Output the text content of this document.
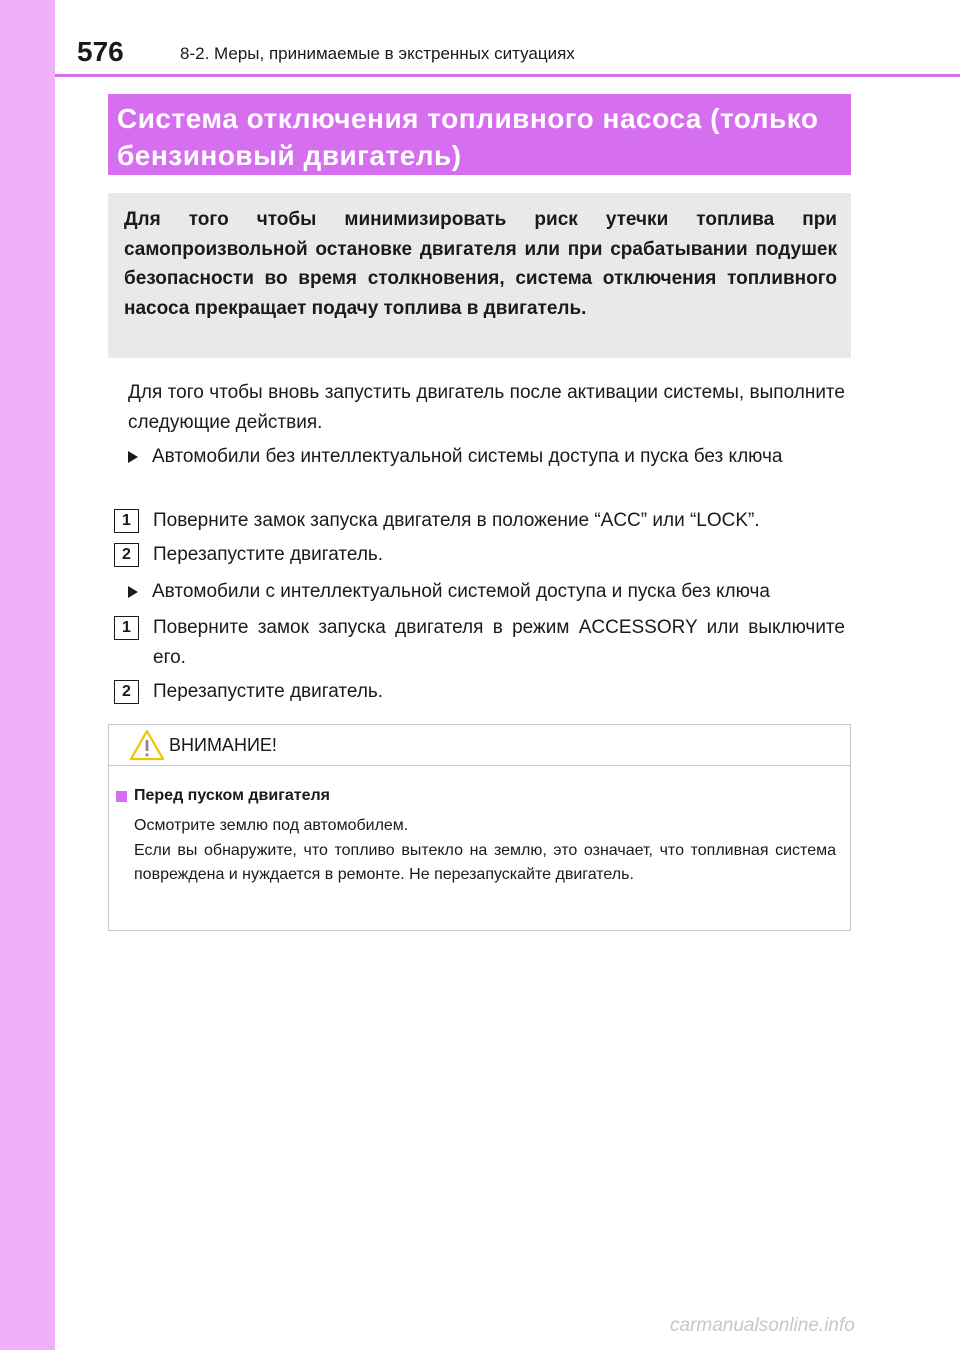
576	8-2. Меры, принимаемые в экстренных ситуациях
Система отключения топливного насоса (только
бензиновый двигатель)
Для того чтобы минимизировать риск утечки топлива при самопроизвольной остановке двигателя или при срабатывании подушек безопасности во время столкновения, система отключения топливного насоса прекращает подачу топлива в двигатель.
Для того чтобы вновь запустить двигатель после активации системы, выполните следующие действия.
Автомобили без интеллектуальной системы доступа и пуска без ключа
1	Поверните замок запуска двигателя в положение “ACC” или “LOCK”.
2	Перезапустите двигатель.
Автомобили с интеллектуальной системой доступа и пуска без ключа
1	Поверните замок запуска двигателя в режим ACCESSORY или выключите его.
2	Перезапустите двигатель.
ВНИМАНИЕ!
Перед пуском двигателя
Осмотрите землю под автомобилем.
Если вы обнаружите, что топливо вытекло на землю, это означает, что топливная система повреждена и нуждается в ремонте. Не перезапускайте двигатель.
carmanualsonline.info
